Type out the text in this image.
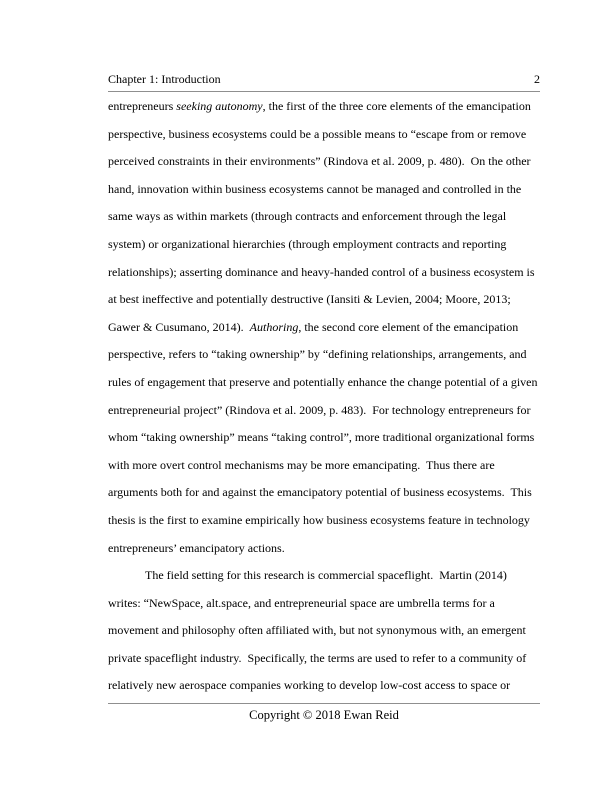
Chapter 1: Introduction	2
entrepreneurs seeking autonomy, the first of the three core elements of the emancipation
perspective, business ecosystems could be a possible means to “escape from or remove
perceived constraints in their environments” (Rindova et al. 2009, p. 480).  On the other
hand, innovation within business ecosystems cannot be managed and controlled in the
same ways as within markets (through contracts and enforcement through the legal
system) or organizational hierarchies (through employment contracts and reporting
relationships); asserting dominance and heavy-handed control of a business ecosystem is
at best ineffective and potentially destructive (Iansiti & Levien, 2004; Moore, 2013;
Gawer & Cusumano, 2014).  Authoring, the second core element of the emancipation
perspective, refers to “taking ownership” by “defining relationships, arrangements, and
rules of engagement that preserve and potentially enhance the change potential of a given
entrepreneurial project” (Rindova et al. 2009, p. 483).  For technology entrepreneurs for
whom “taking ownership” means “taking control”, more traditional organizational forms
with more overt control mechanisms may be more emancipating.  Thus there are
arguments both for and against the emancipatory potential of business ecosystems.  This
thesis is the first to examine empirically how business ecosystems feature in technology
entrepreneurs’ emancipatory actions.
The field setting for this research is commercial spaceflight.  Martin (2014)
writes: “NewSpace, alt.space, and entrepreneurial space are umbrella terms for a
movement and philosophy often affiliated with, but not synonymous with, an emergent
private spaceflight industry.  Specifically, the terms are used to refer to a community of
relatively new aerospace companies working to develop low-cost access to space or
Copyright © 2018 Ewan Reid
